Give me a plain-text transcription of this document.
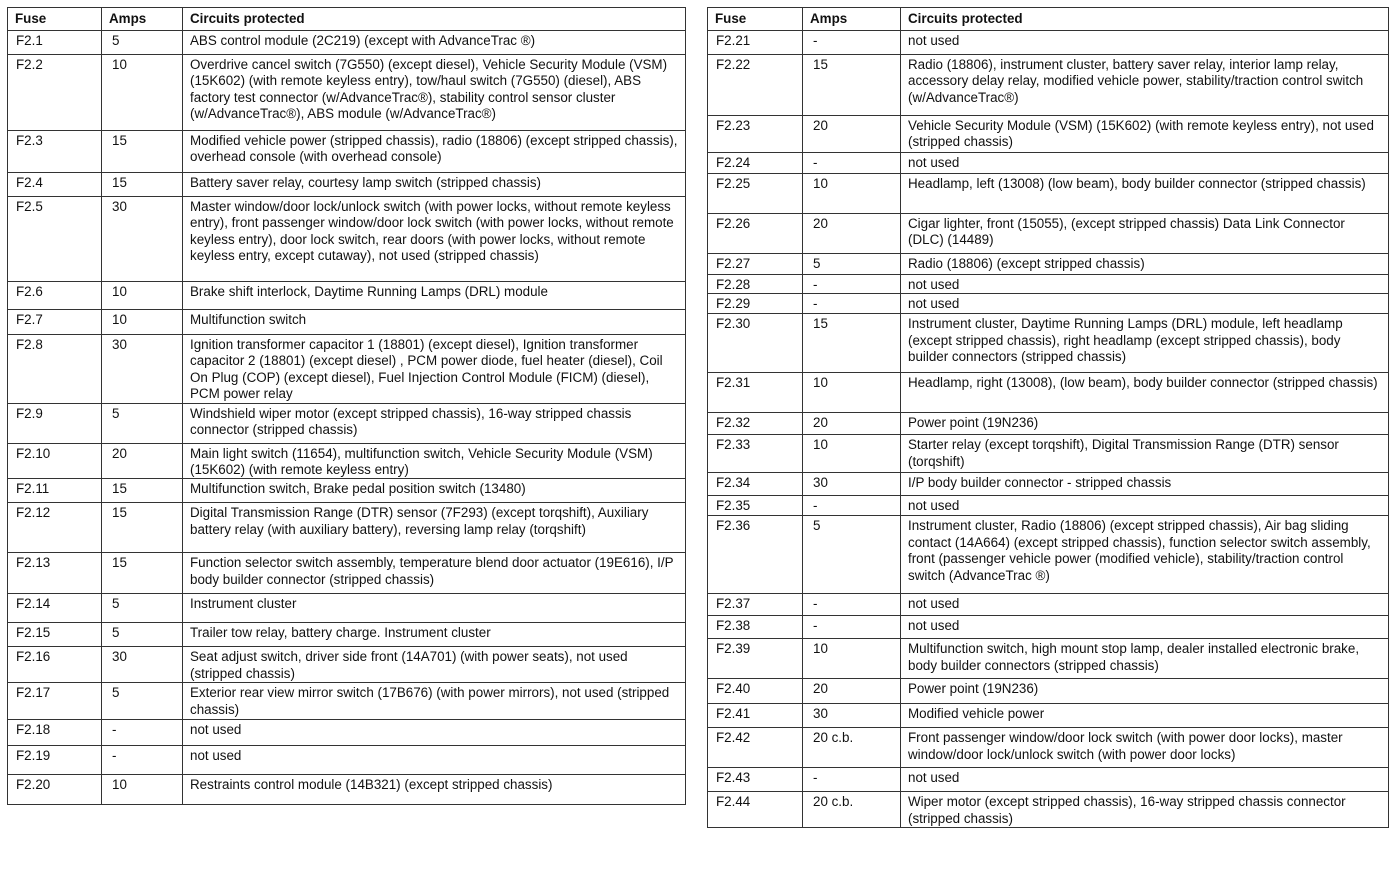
Fuse	Amps	Circuits protected
F2.1	5	ABS control module (2C219) (except with AdvanceTrac ®)
F2.2	10	Overdrive cancel switch (7G550) (except diesel), Vehicle Security Module (VSM) (15K602) (with remote keyless entry), tow/haul switch (7G550) (diesel), ABS factory test connector (w/AdvanceTrac®), stability control sensor cluster (w/AdvanceTrac®), ABS module (w/AdvanceTrac®)
F2.3	15	Modified vehicle power (stripped chassis), radio (18806) (except stripped chassis), overhead console (with overhead console)
F2.4	15	Battery saver relay, courtesy lamp switch (stripped chassis)
F2.5	30	Master window/door lock/unlock switch (with power locks, without remote keyless entry), front passenger window/door lock switch (with power locks, without remote keyless entry), door lock switch, rear doors (with power locks, without remote keyless entry, except cutaway), not used (stripped chassis)
F2.6	10	Brake shift interlock, Daytime Running Lamps (DRL) module
F2.7	10	Multifunction switch
F2.8	30	Ignition transformer capacitor 1 (18801) (except diesel), Ignition transformer capacitor 2 (18801) (except diesel) , PCM power diode, fuel heater (diesel), Coil On Plug (COP) (except diesel), Fuel Injection Control Module (FICM) (diesel), PCM power relay
F2.9	5	Windshield wiper motor (except stripped chassis), 16-way stripped chassis connector (stripped chassis)
F2.10	20	Main light switch (11654), multifunction switch, Vehicle Security Module (VSM) (15K602) (with remote keyless entry)
F2.11	15	Multifunction switch, Brake pedal position switch (13480)
F2.12	15	Digital Transmission Range (DTR) sensor (7F293) (except torqshift), Auxiliary battery relay (with auxiliary battery), reversing lamp relay (torqshift)
F2.13	15	Function selector switch assembly, temperature blend door actuator (19E616), I/P body builder connector (stripped chassis)
F2.14	5	Instrument cluster
F2.15	5	Trailer tow relay, battery charge. Instrument cluster
F2.16	30	Seat adjust switch, driver side front (14A701) (with power seats), not used (stripped chassis)
F2.17	5	Exterior rear view mirror switch (17B676) (with power mirrors), not used (stripped chassis)
F2.18	-	not used
F2.19	-	not used
F2.20	10	Restraints control module (14B321) (except stripped chassis)
Fuse	Amps	Circuits protected
F2.21	-	not used
F2.22	15	Radio (18806), instrument cluster, battery saver relay, interior lamp relay, accessory delay relay, modified vehicle power, stability/traction control switch (w/AdvanceTrac®)
F2.23	20	Vehicle Security Module (VSM) (15K602) (with remote keyless entry), not used (stripped chassis)
F2.24	-	not used
F2.25	10	Headlamp, left (13008) (low beam), body builder connector (stripped chassis)
F2.26	20	Cigar lighter, front (15055), (except stripped chassis) Data Link Connector (DLC) (14489)
F2.27	5	Radio (18806) (except stripped chassis)
F2.28	-	not used
F2.29	-	not used
F2.30	15	Instrument cluster, Daytime Running Lamps (DRL) module, left headlamp (except stripped chassis), right headlamp (except stripped chassis), body builder connectors (stripped chassis)
F2.31	10	Headlamp, right (13008), (low beam), body builder connector (stripped chassis)
F2.32	20	Power point (19N236)
F2.33	10	Starter relay (except torqshift), Digital Transmission Range (DTR) sensor (torqshift)
F2.34	30	I/P body builder connector - stripped chassis
F2.35	-	not used
F2.36	5	Instrument cluster, Radio (18806) (except stripped chassis), Air bag sliding contact (14A664) (except stripped chassis), function selector switch assembly, front (passenger vehicle power (modified vehicle), stability/traction control switch (AdvanceTrac ®)
F2.37	-	not used
F2.38	-	not used
F2.39	10	Multifunction switch, high mount stop lamp, dealer installed electronic brake, body builder connectors (stripped chassis)
F2.40	20	Power point (19N236)
F2.41	30	Modified vehicle power
F2.42	20 c.b.	Front passenger window/door lock switch (with power door locks), master window/door lock/unlock switch (with power door locks)
F2.43	-	not used
F2.44	20 c.b.	Wiper motor (except stripped chassis), 16-way stripped chassis connector (stripped chassis)
